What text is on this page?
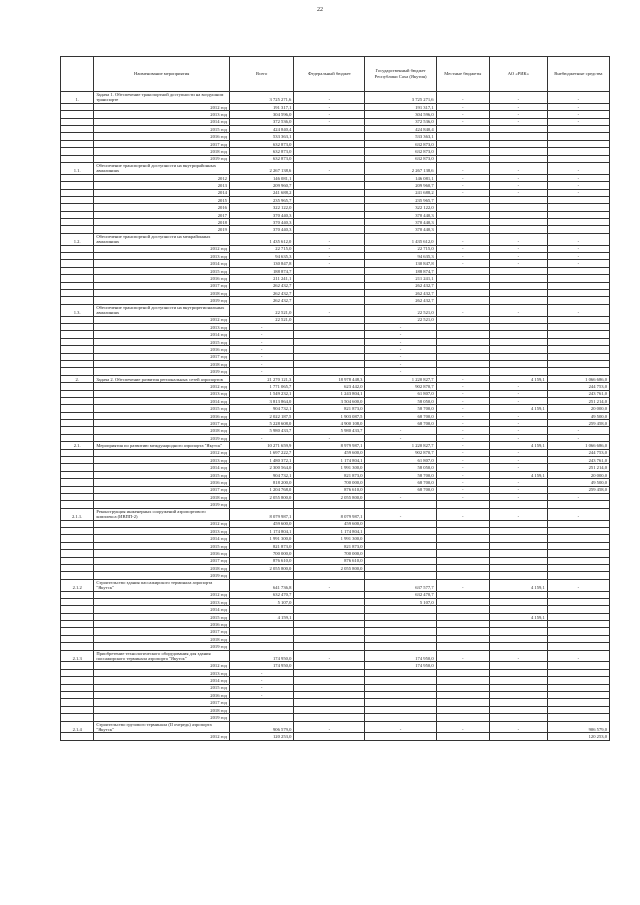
22
	Наименование мероприятия	Всего	Федеральный бюджет	Государственный бюджет Республики Саха (Якутия)	Местные бюджеты	АО «РИК»	Внебюджетные средства
1.	Задача 1. Обеспечение транспортной доступности на воздушном транспорте	3 725 271,6	-	3 725 271,6	-	-	-
	2012 год	191 317,1	-	191 317,1	-	-	-
	2013 год	304 596,0	-	304 596,0	-	-	-
	2014 год	372 536,0	-	372 536,0	-	-	-
	2015 год	424 840,4		424 840,4			
	2016 год	533 363,1		533 363,1			
	2017 год	632 873,0		632 873,0			
	2018 год	632 873,0		632 873,0			
	2019 год	632 873,0		632 873,0			
1.1.	Обеспечение транспортной доступности на внутрирайонных авиалиниях	2 267 138,6	-	2 267 138,6	-	-	-
	2012	146 081,1		146 081,1	-	-	-
	2013	209 960,7		209 960,7	-	-	-
	2014	241 688,2		241 688,2	-	-	-
	2015	235 965,7		235 965,7			
	2016	322 122,0		322 122,0			
	2017	370 440,3		370 440,3			
	2018	370 440,3		370 440,3			
	2019	370 440,3		370 440,3			
1.2.	Обеспечение транспортной доступности на межрайонных авиалиниях	1 435 612,0	-	1 435 612,0	-	-	-
	2012 год	22 715,0	-	22 715,0	-	-	-
	2013 год	94 635,3	-	94 635,3	-	-	-
	2014 год	130 847,8	-	130 847,8	-	-	-
	2015 год	188 874,7		188 874,7			
	2016 год	211 241,1		211 241,1			
	2017 год	262 432,7		262 432,7			
	2018 год	262 432,7		262 432,7			
	2019 год	262 432,7		262 432,7			
1.3.	Обеспечение транспортной доступности на внутрирегиональных авиалиниях	22 521,0	-	22 521,0	-	-	-
	2012 год	22 521,0		22 521,0			
	2013 год	-		-			
	2014 год	-		-			
	2015 год	-		-			
	2016 год	-		-			
	2017 год	-		-			
	2018 год	-		-			
	2019 год	-		-			
2.	Задача 2. Обеспечение развития региональных сетей аэропортов	21 270 121,3	18 978 448,3	1 220 827,7	-	4 159,1	1 066 686,0
	2012 год	1 771 065,7	623 442,0	902 870,7	-	-	244 753,0
	2013 год	1 549 232,1	1 243 804,1	61 807,0	-	-	243 761,0
	2014 год	3 813 864,0	3 504 600,0	58 050,0	-	-	251 214,0
	2015 год	904 732,1	821 873,0	58 700,0	-	4 159,1	20 000,0
	2016 год	2 022 187,5	1 903 087,5	68 700,0	-	-	49 500,0
	2017 год	5 228 608,0	4 900 108,0	68 700,0	-	-	259 458,0
	2018 год	5 980 433,7	5 980 433,7	-	-	-	-
	2019 год	-	-	-	-	-	-
2.1.	Мероприятия по развитию международного аэропорта "Якутск"	10 271 659,9	8 979 987,1	1 220 827,7	-	4 159,1	1 066 686,0
	2012 год	1 697 222,7	459 600,0	902 870,7	-	-	244 753,0
	2013 год	1 480 372,1	1 174 804,1	61 807,0	-	-	243 761,0
	2014 год	2 300 564,0	1 991 300,0	58 050,0	-	-	251 214,0
	2015 год	904 732,1	821 873,0	58 700,0	-	4 159,1	20 000,0
	2016 год	818 200,0	700 000,0	68 700,0	-	-	49 500,0
	2017 год	1 204 768,0	876 610,0	68 700,0	-	-	259 458,0
	2018 год	2 055 800,0	2 055 800,0	-	-	-	-
	2019 год						
2.1.1.	Реконструкция инженерных сооружений аэропортового комплекса (ИВПП-2)	8 079 987,1	8 079 987,1	-	-	-	-
	2012 год	459 600,0	459 600,0				
	2013 год	1 174 804,1	1 174 804,1				
	2014 год	1 991 300,0	1 991 300,0				
	2015 год	821 873,0	821 873,0				
	2016 год	700 000,0	700 000,0				
	2017 год	876 610,0	876 610,0				
	2018 год	2 055 800,0	2 055 800,0				
	2019 год						
2.1.2	Строительство здания пассажирского терминала аэропорта "Якутск"	641 736,8	-	637 577,7	-	4 159,1	-
	2012 год	632 470,7		632 470,7			
	2013 год	5 107,0		5 107,0			
	2014 год						
	2015 год	4 159,1				4 159,1	
	2016 год						
	2017 год						
	2018 год						
	2019 год						
2.1.3	Приобретение технологического оборудования для здания пассажирского терминала аэропорта "Якутск"	174 950,0	-	174 950,0	-	-	-
	2012 год	174 950,0		174 950,0			
	2013 год	-					
	2014 год	-					
	2015 год	-					
	2016 год	-					
	2017 год						
	2018 год						
	2019 год						
2.1.4	Строительство грузового терминала (II очередь) аэропорта "Якутск"	906 579,0	-	-	-	-	906 579,0
	2012 год	120 253,0					120 253,0
